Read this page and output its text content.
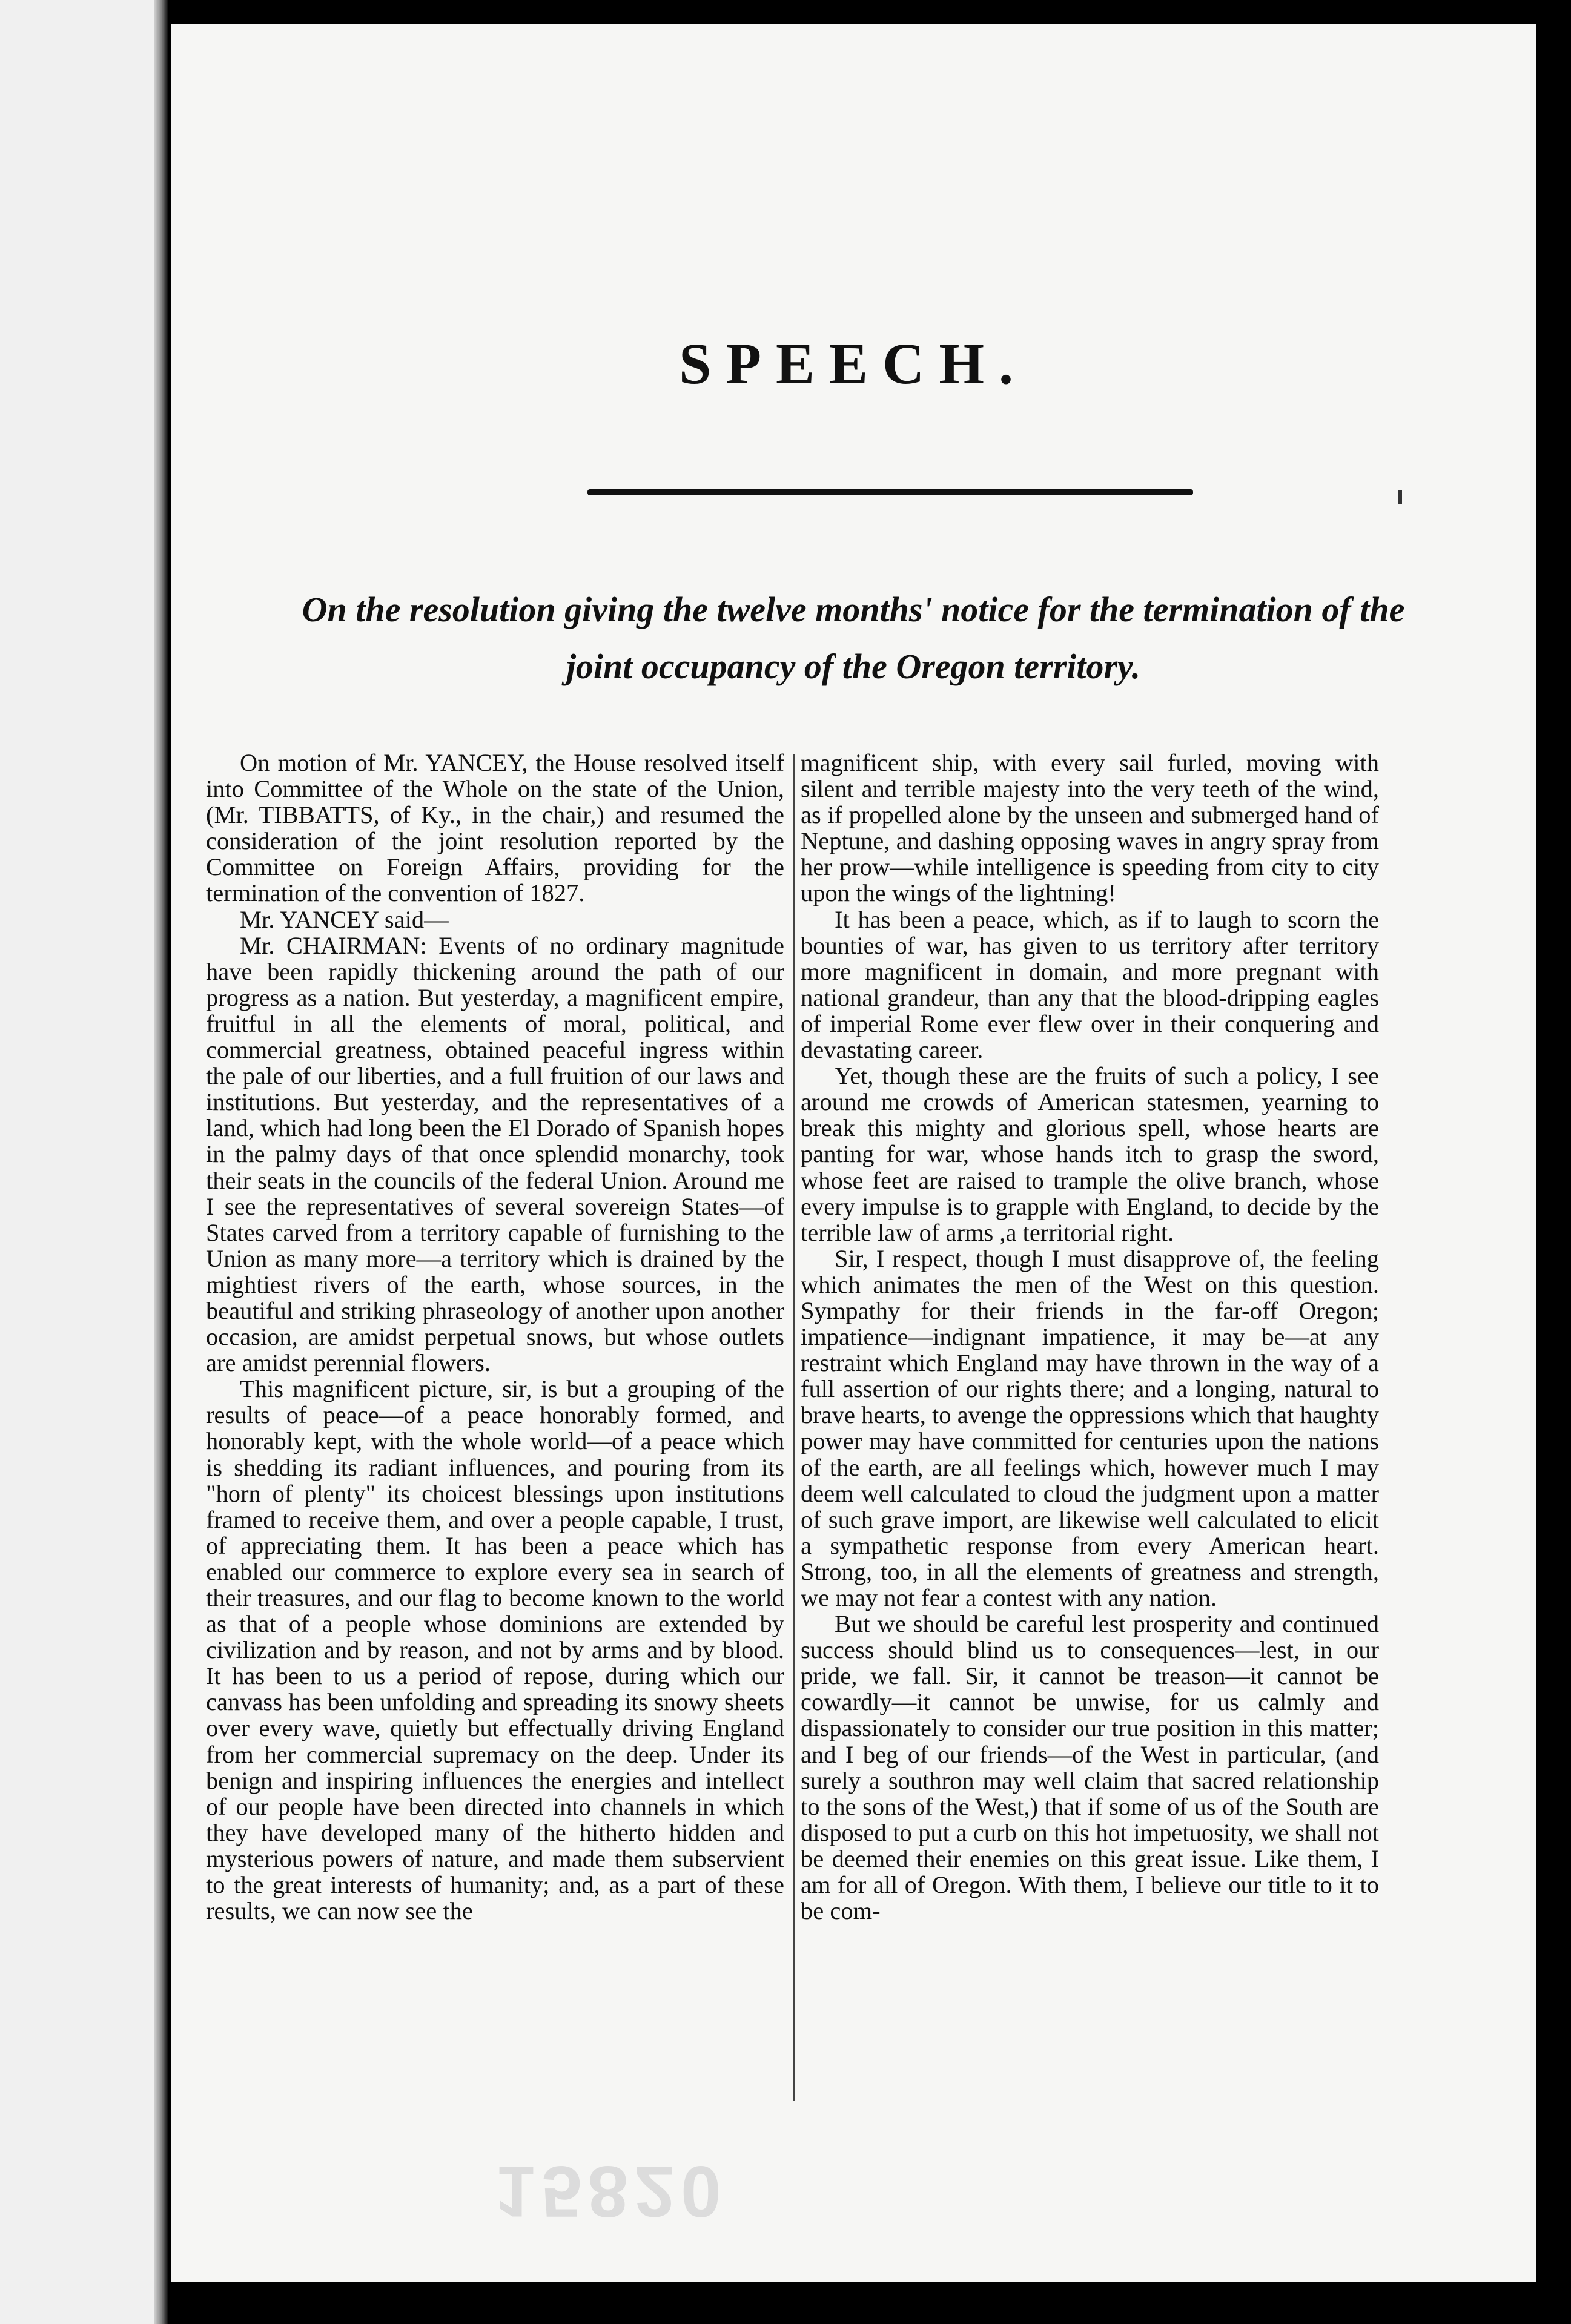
SPEECH.
On the resolution giving the twelve months' notice for the termination of the
joint occupancy of the Oregon territory.

On motion of Mr. YANCEY, the House resolved itself into Committee of the Whole on the state of the Union, (Mr. TIBBATTS, of Ky., in the chair,) and resumed the consideration of the joint resolution reported by the Committee on Foreign Affairs, providing for the termination of the convention of 1827.

Mr. YANCEY said—

Mr. CHAIRMAN: Events of no ordinary magnitude have been rapidly thickening around the path of our progress as a nation. But yesterday, a magnificent empire, fruitful in all the elements of moral, political, and commercial greatness, obtained peaceful ingress within the pale of our liberties, and a full fruition of our laws and institutions. But yesterday, and the representatives of a land, which had long been the El Dorado of Spanish hopes in the palmy days of that once splendid monarchy, took their seats in the councils of the federal Union. Around me I see the representatives of several sovereign States—of States carved from a territory capable of furnishing to the Union as many more—a territory which is drained by the mightiest rivers of the earth, whose sources, in the beautiful and striking phraseology of another upon another occasion, are amidst perpetual snows, but whose outlets are amidst perennial flowers.

This magnificent picture, sir, is but a grouping of the results of peace—of a peace honorably formed, and honorably kept, with the whole world—of a peace which is shedding its radiant influences, and pouring from its "horn of plenty" its choicest blessings upon institutions framed to receive them, and over a people capable, I trust, of appreciating them. It has been a peace which has enabled our commerce to explore every sea in search of their treasures, and our flag to become known to the world as that of a people whose dominions are extended by civilization and by reason, and not by arms and by blood. It has been to us a period of repose, during which our canvass has been unfolding and spreading its snowy sheets over every wave, quietly but effectually driving England from her commercial supremacy on the deep. Under its benign and inspiring influences the energies and intellect of our people have been directed into channels in which they have developed many of the hitherto hidden and mysterious powers of nature, and made them subservient to the great interests of humanity; and, as a part of these results, we can now see the

magnificent ship, with every sail furled, moving with silent and terrible majesty into the very teeth of the wind, as if propelled alone by the unseen and submerged hand of Neptune, and dashing opposing waves in angry spray from her prow—while intelligence is speeding from city to city upon the wings of the lightning!

It has been a peace, which, as if to laugh to scorn the bounties of war, has given to us territory after territory more magnificent in domain, and more pregnant with national grandeur, than any that the blood-dripping eagles of imperial Rome ever flew over in their conquering and devastating career.

Yet, though these are the fruits of such a policy, I see around me crowds of American statesmen, yearning to break this mighty and glorious spell, whose hearts are panting for war, whose hands itch to grasp the sword, whose feet are raised to trample the olive branch, whose every impulse is to grapple with England, to decide by the terrible law of arms ,a territorial right.

Sir, I respect, though I must disapprove of, the feeling which animates the men of the West on this question. Sympathy for their friends in the far-off Oregon; impatience—indignant impatience, it may be—at any restraint which England may have thrown in the way of a full assertion of our rights there; and a longing, natural to brave hearts, to avenge the oppressions which that haughty power may have committed for centuries upon the nations of the earth, are all feelings which, however much I may deem well calculated to cloud the judgment upon a matter of such grave import, are likewise well calculated to elicit a sympathetic response from every American heart. Strong, too, in all the elements of greatness and strength, we may not fear a contest with any nation.

But we should be careful lest prosperity and continued success should blind us to consequences—lest, in our pride, we fall. Sir, it cannot be treason—it cannot be cowardly—it cannot be unwise, for us calmly and dispassionately to consider our true position in this matter; and I beg of our friends—of the West in particular, (and surely a southron may well claim that sacred relationship to the sons of the West,) that if some of us of the South are disposed to put a curb on this hot impetuosity, we shall not be deemed their enemies on this great issue. Like them, I am for all of Oregon. With them, I believe our title to it to be com-

15820
